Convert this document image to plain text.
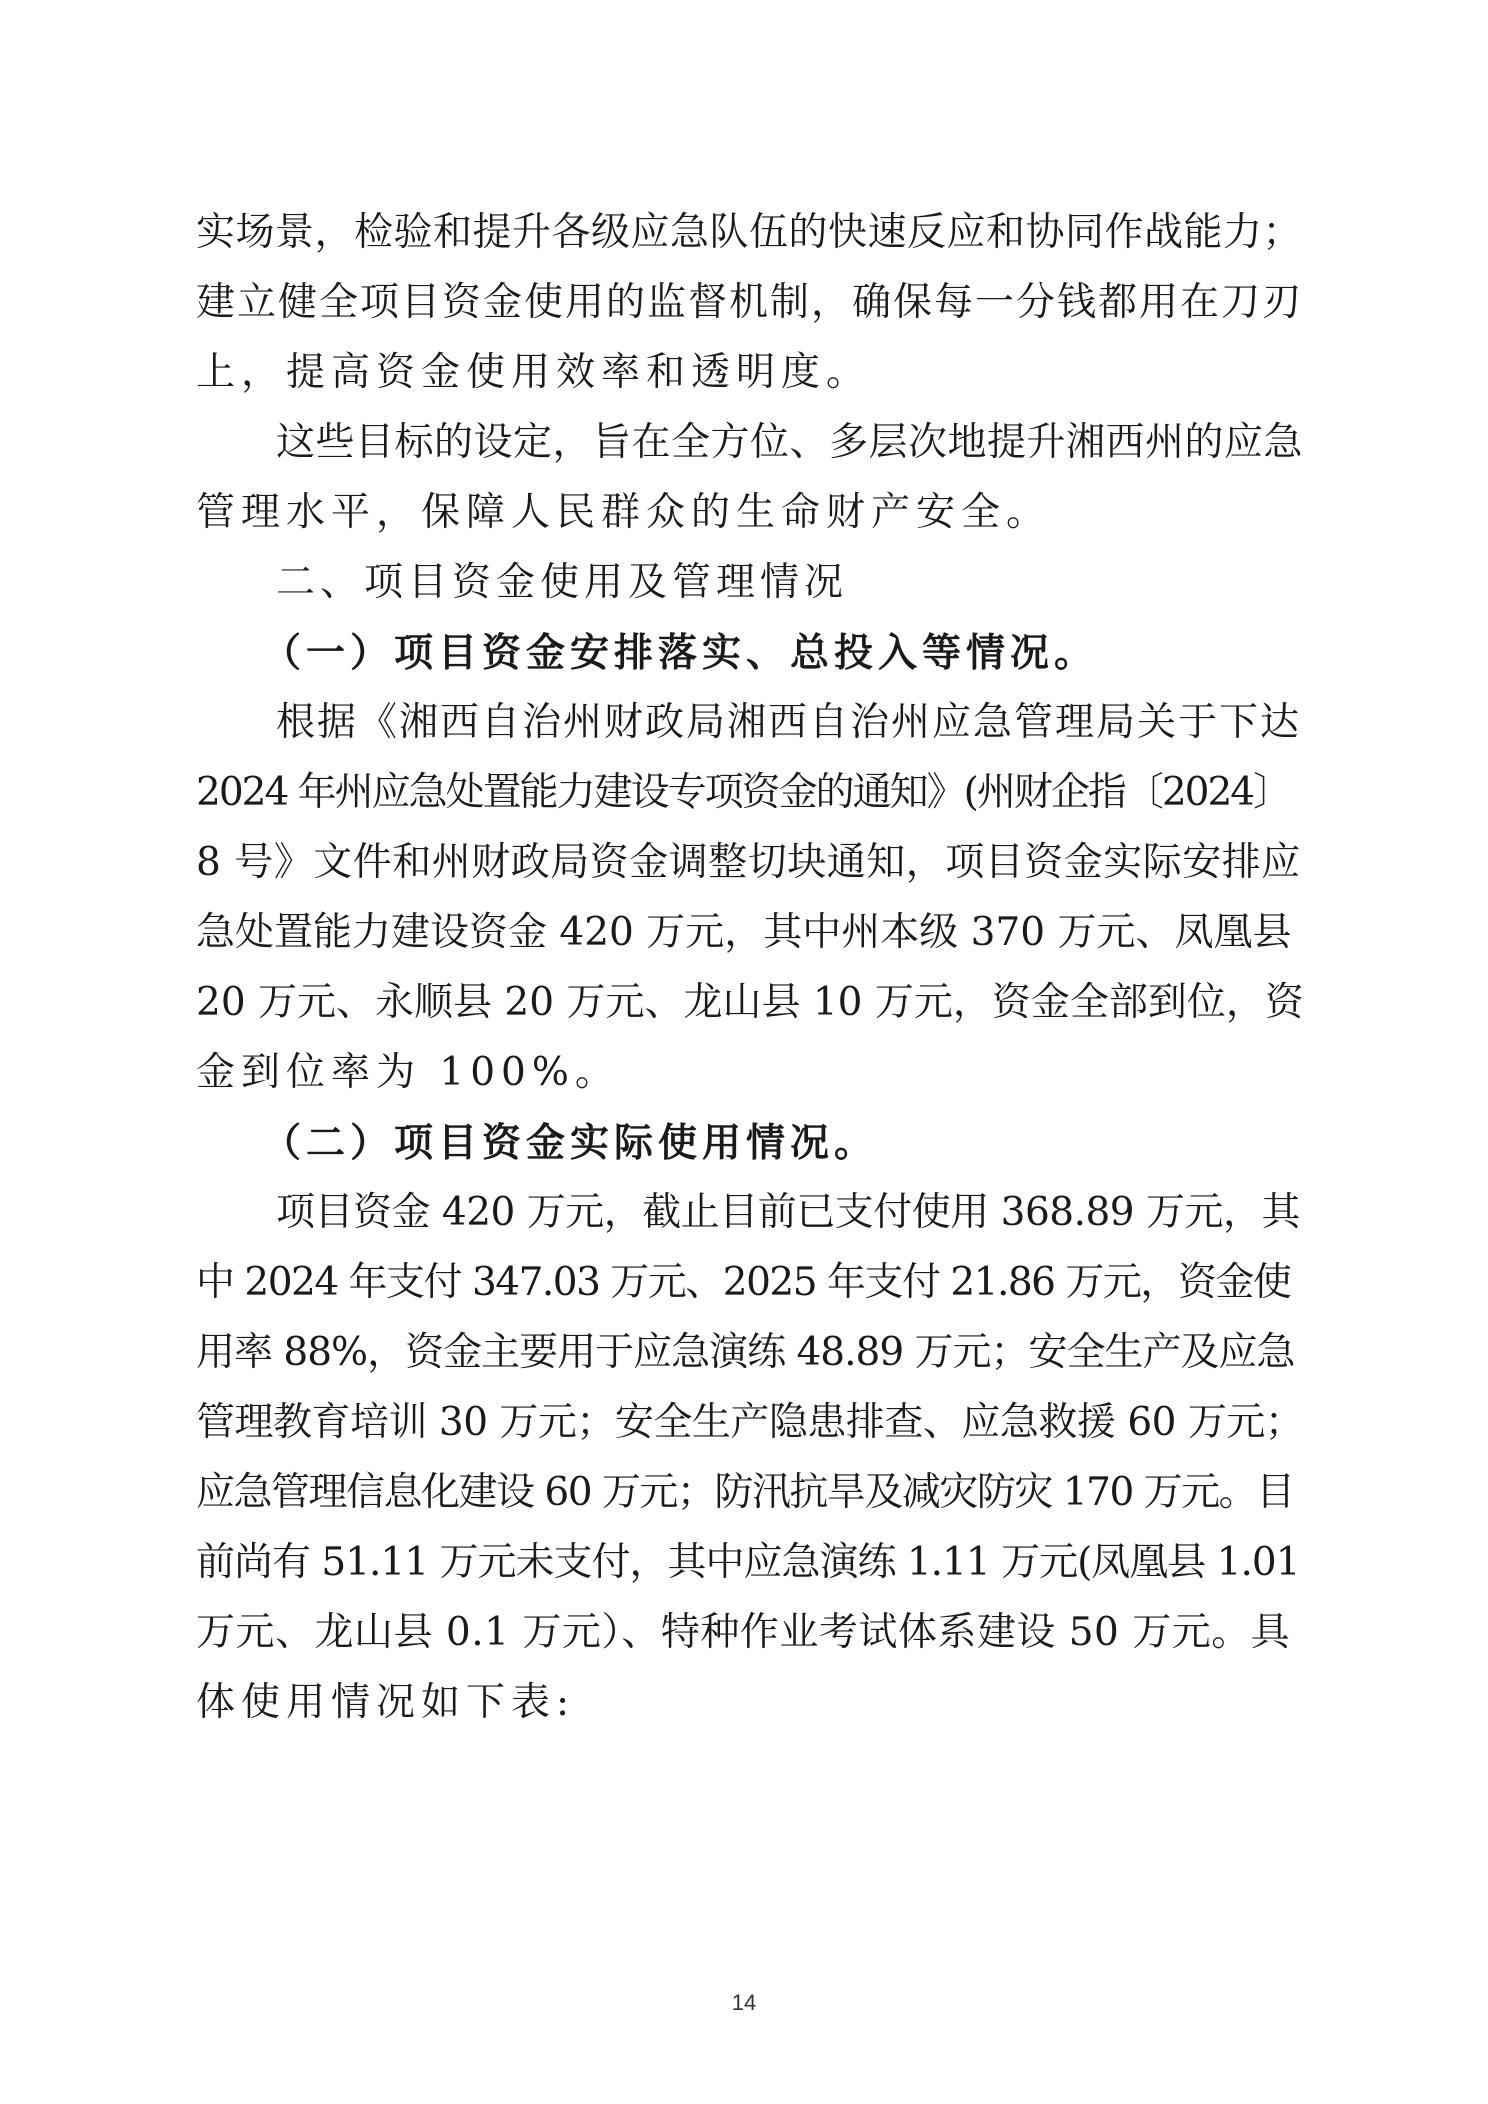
实场景，检验和提升各级应急队伍的快速反应和协同作战能力；
建立健全项目资金使用的监督机制，确保每一分钱都用在刀刃
上，提高资金使用效率和透明度。
这些目标的设定，旨在全方位、多层次地提升湘西州的应急
管理水平，保障人民群众的生命财产安全。
二、项目资金使用及管理情况
（一）项目资金安排落实、总投入等情况。
根据《湘西自治州财政局湘西自治州应急管理局关于下达
2024 年州应急处置能力建设专项资金的通知》(州财企指〔2024〕
8 号》文件和州财政局资金调整切块通知，项目资金实际安排应
急处置能力建设资金 420 万元，其中州本级 370 万元、凤凰县
20 万元、永顺县 20 万元、龙山县 10 万元，资金全部到位，资
金到位率为 100%。
（二）项目资金实际使用情况。
项目资金 420 万元，截止目前已支付使用 368.89 万元，其
中 2024 年支付 347.03 万元、2025 年支付 21.86 万元，资金使
用率 88%，资金主要用于应急演练 48.89 万元；安全生产及应急
管理教育培训 30 万元；安全生产隐患排查、应急救援 60 万元；
应急管理信息化建设 60 万元；防汛抗旱及减灾防灾 170 万元。目
前尚有 51.11 万元未支付，其中应急演练 1.11 万元(凤凰县 1.01
万元、龙山县 0.1 万元）、特种作业考试体系建设 50 万元。具
体使用情况如下表:
14
